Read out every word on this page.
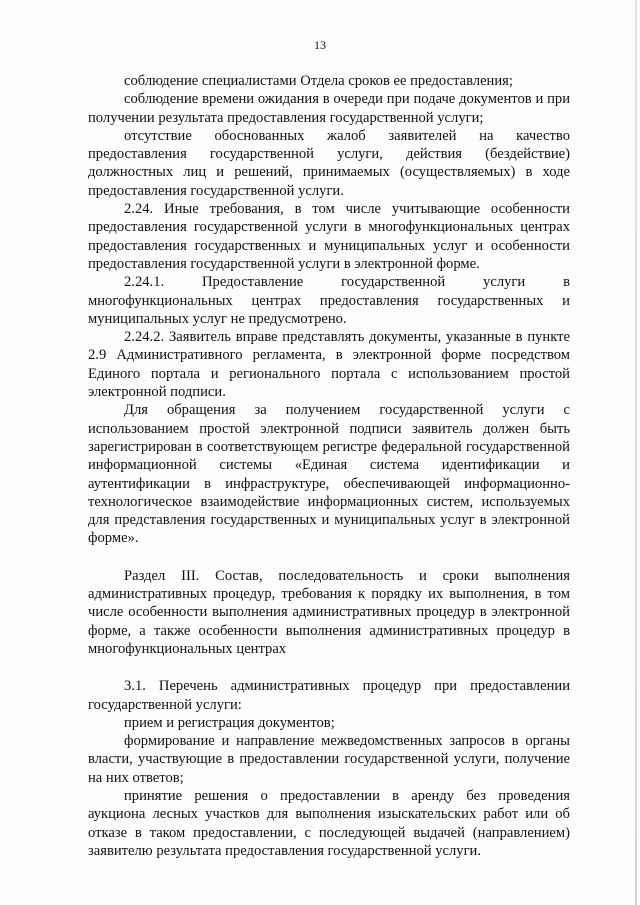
13

соблюдение специалистами Отдела сроков ее предоставления;

соблюдение времени ожидания в очереди при подаче документов и при получении результата предоставления государственной услуги;

отсутствие обоснованных жалоб заявителей на качество предоставления государственной услуги, действия (бездействие) должностных лиц и решений, принимаемых (осуществляемых) в ходе предоставления государственной услуги.

2.24. Иные требования, в том числе учитывающие особенности предоставления государственной услуги в многофункциональных центрах предоставления государственных и муниципальных услуг и особенности предоставления государственной услуги в электронной форме.

2.24.1. Предоставление государственной услуги в многофункциональных центрах предоставления государственных и муниципальных услуг не предусмотрено.

2.24.2. Заявитель вправе представлять документы, указанные в пункте 2.9 Административного регламента, в электронной форме посредством Единого портала и регионального портала с использованием простой электронной подписи.

Для обращения за получением государственной услуги с использованием простой электронной подписи заявитель должен быть зарегистрирован в соответствующем регистре федеральной государственной информационной системы «Единая система идентификации и аутентификации в инфраструктуре, обеспечивающей информационно-технологическое взаимодействие информационных систем, используемых для представления государственных и муниципальных услуг в электронной форме».

Раздел III. Состав, последовательность и сроки выполнения административных процедур, требования к порядку их выполнения, в том числе особенности выполнения административных процедур в электронной форме, а также особенности выполнения административных процедур в многофункциональных центрах

3.1. Перечень административных процедур при предоставлении государственной услуги:

прием и регистрация документов;

формирование и направление межведомственных запросов в органы власти, участвующие в предоставлении государственной услуги, получение на них ответов;

принятие решения о предоставлении в аренду без проведения аукциона лесных участков для выполнения изыскательских работ или об отказе в таком предоставлении, с последующей выдачей (направлением) заявителю результата предоставления государственной услуги.
